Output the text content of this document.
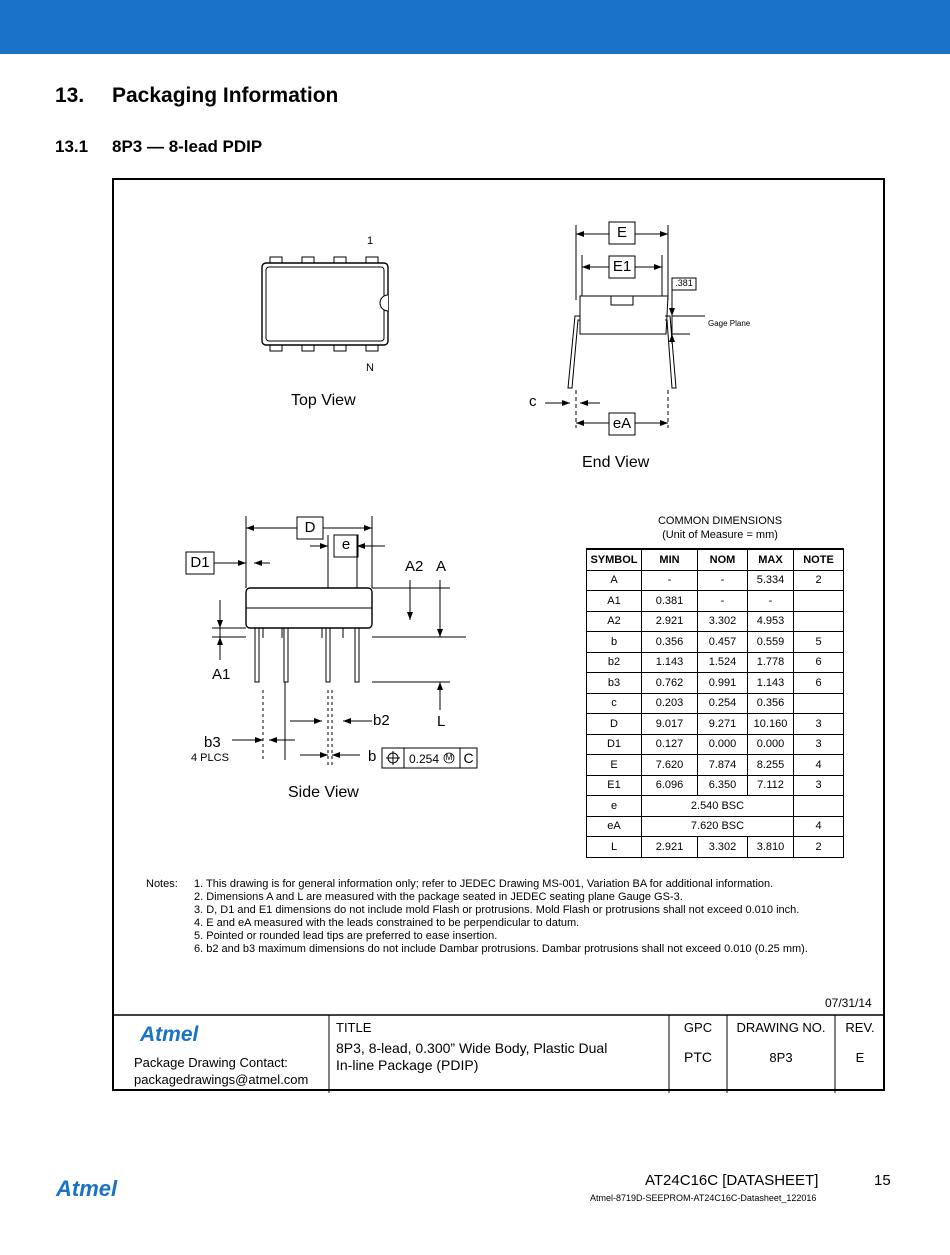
13. Packaging Information
13.1 8P3 — 8-lead PDIP
1
N
Top View
E
E1
.381
Gage Plane
c
eA
End View
D
e
D1	A2 A
A1
b2	L
b3
4 PLCS	b	0.254 M C
Side View
COMMON DIMENSIONS
(Unit of Measure = mm)
SYMBOL	MIN	NOM	MAX	NOTE
A	-	-	5.334	2
A1	0.381	-	-	
A2	2.921	3.302	4.953	
b	0.356	0.457	0.559	5
b2	1.143	1.524	1.778	6
b3	0.762	0.991	1.143	6
c	0.203	0.254	0.356	
D	9.017	9.271	10.160	3
D1	0.127	0.000	0.000	3
E	7.620	7.874	8.255	4
E1	6.096	6.350	7.112	3
e	2.540 BSC			
eA	7.620 BSC			4
L	2.921	3.302	3.810	2
Notes: 1. This drawing is for general information only; refer to JEDEC Drawing MS-001, Variation BA for additional information.
2. Dimensions A and L are measured with the package seated in JEDEC seating plane Gauge GS-3.
3. D, D1 and E1 dimensions do not include mold Flash or protrusions. Mold Flash or protrusions shall not exceed 0.010 inch.
4. E and eA measured with the leads constrained to be perpendicular to datum.
5. Pointed or rounded lead tips are preferred to ease insertion.
6. b2 and b3 maximum dimensions do not include Dambar protrusions. Dambar protrusions shall not exceed 0.010 (0.25 mm).
07/31/14
Atmel
Package Drawing Contact:
packagedrawings@atmel.com
TITLE
8P3, 8-lead, 0.300” Wide Body, Plastic Dual
In-line Package (PDIP)
GPC
PTC
DRAWING NO.
8P3
REV.
E
Atmel	AT24C16C [DATASHEET]	15
Atmel-8719D-SEEPROM-AT24C16C-Datasheet_122016
